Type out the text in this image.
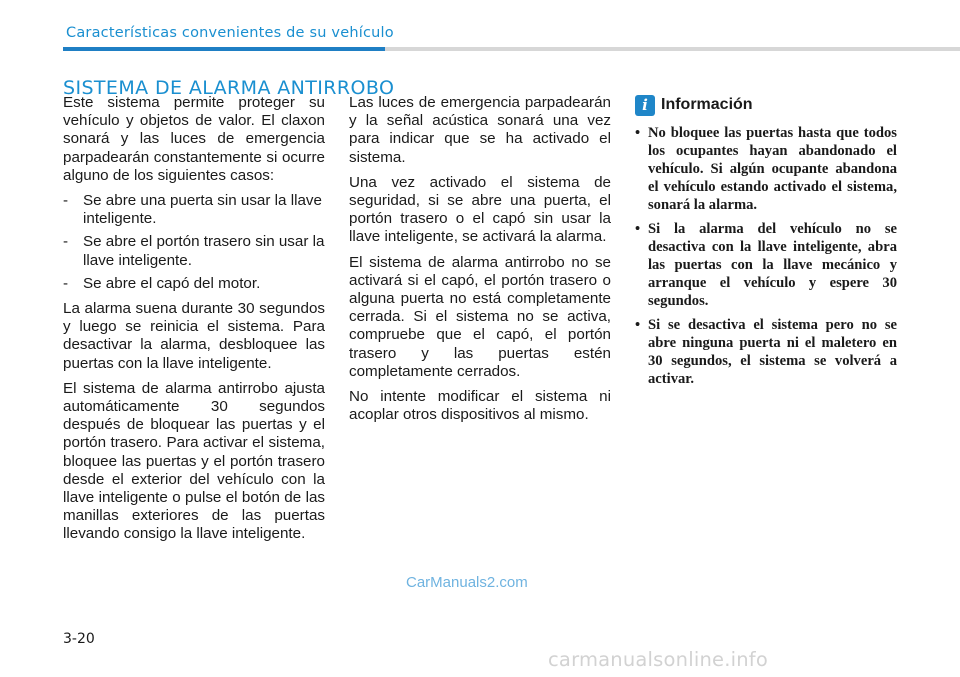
Características convenientes de su vehículo
SISTEMA DE ALARMA ANTIRROBO

Este sistema permite proteger su vehículo y objetos de valor. El claxon sonará y las luces de emergencia parpadearán constantemente si ocurre alguno de los siguientes casos:

- Se abre una puerta sin usar la llave inteligente.
- Se abre el portón trasero sin usar la llave inteligente.
- Se abre el capó del motor.

La alarma suena durante 30 segundos y luego se reinicia el sistema. Para desactivar la alarma, desbloquee las puertas con la llave inteligente.

El sistema de alarma antirrobo ajusta automáticamente 30 segundos después de bloquear las puertas y el portón trasero. Para activar el sistema, bloquee las puertas y el portón trasero desde el exterior del vehículo con la llave inteligente o pulse el botón de las manillas exteriores de las puertas llevando consigo la llave inteligente.

Las luces de emergencia parpadearán y la señal acústica sonará una vez para indicar que se ha activado el sistema.

Una vez activado el sistema de seguridad, si se abre una puerta, el portón trasero o el capó sin usar la llave inteligente, se activará la alarma.

El sistema de alarma antirrobo no se activará si el capó, el portón trasero o alguna puerta no está completamente cerrada. Si el sistema no se activa, compruebe que el capó, el portón trasero y las puertas estén completamente cerrados.

No intente modificar el sistema ni acoplar otros dispositivos al mismo.

i Información
• No bloquee las puertas hasta que todos los ocupantes hayan abandonado el vehículo. Si algún ocupante abandona el vehículo estando activado el sistema, sonará la alarma.
• Si la alarma del vehículo no se desactiva con la llave inteligente, abra las puertas con la llave mecánico y arranque el vehículo y espere 30 segundos.
• Si se desactiva el sistema pero no se abre ninguna puerta ni el maletero en 30 segundos, el sistema se volverá a activar.
CarManuals2.com
3-20
carmanualsonline.info
